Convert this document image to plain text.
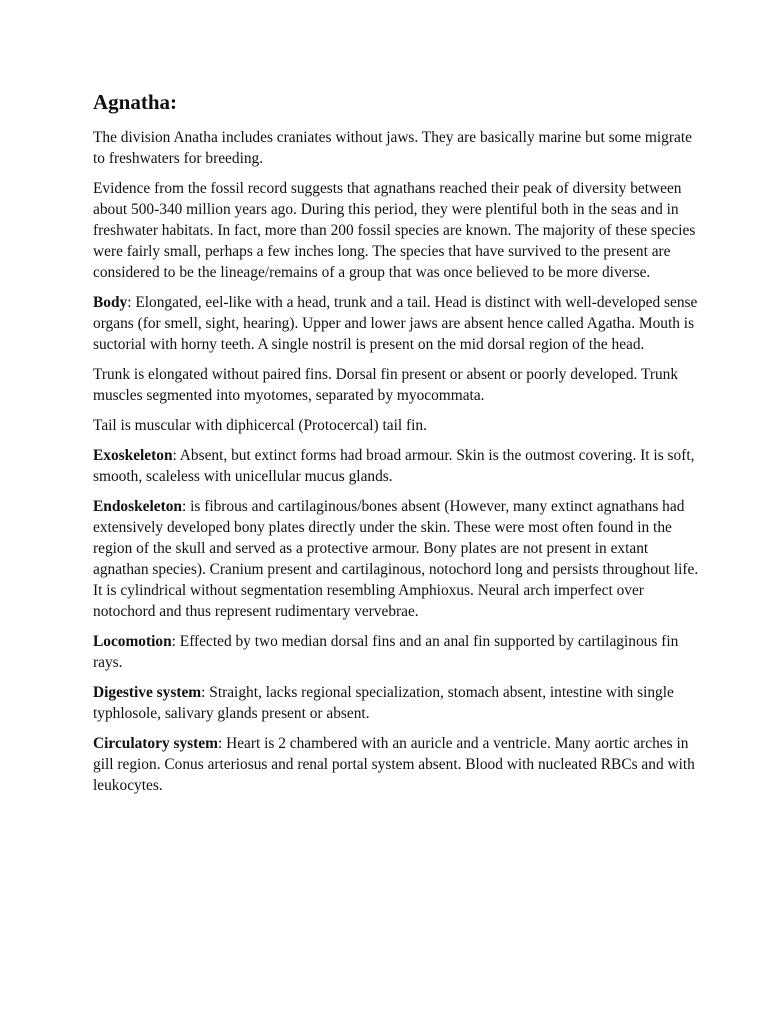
Agnatha:

The division Anatha includes craniates without jaws. They are basically marine but some migrate to freshwaters for breeding.

Evidence from the fossil record suggests that agnathans reached their peak of diversity between about 500-340 million years ago. During this period, they were plentiful both in the seas and in freshwater habitats. In fact, more than 200 fossil species are known. The majority of these species were fairly small, perhaps a few inches long. The species that have survived to the present are considered to be the lineage/remains of a group that was once believed to be more diverse.

Body: Elongated, eel-like with a head, trunk and a tail. Head is distinct with well-developed sense organs (for smell, sight, hearing). Upper and lower jaws are absent hence called Agatha. Mouth is suctorial with horny teeth. A single nostril is present on the mid dorsal region of the head.

Trunk is elongated without paired fins. Dorsal fin present or absent or poorly developed. Trunk muscles segmented into myotomes, separated by myocommata.

Tail is muscular with diphicercal (Protocercal) tail fin.

Exoskeleton: Absent, but extinct forms had broad armour. Skin is the outmost covering. It is soft, smooth, scaleless with unicellular mucus glands.

Endoskeleton: is fibrous and cartilaginous/bones absent (However, many extinct agnathans had extensively developed bony plates directly under the skin. These were most often found in the region of the skull and served as a protective armour. Bony plates are not present in extant agnathan species). Cranium present and cartilaginous, notochord long and persists throughout life. It is cylindrical without segmentation resembling Amphioxus. Neural arch imperfect over notochord and thus represent rudimentary vervebrae.

Locomotion: Effected by two median dorsal fins and an anal fin supported by cartilaginous fin rays.

Digestive system: Straight, lacks regional specialization, stomach absent, intestine with single typhlosole, salivary glands present or absent.

Circulatory system: Heart is 2 chambered with an auricle and a ventricle. Many aortic arches in gill region. Conus arteriosus and renal portal system absent. Blood with nucleated RBCs and with leukocytes.
